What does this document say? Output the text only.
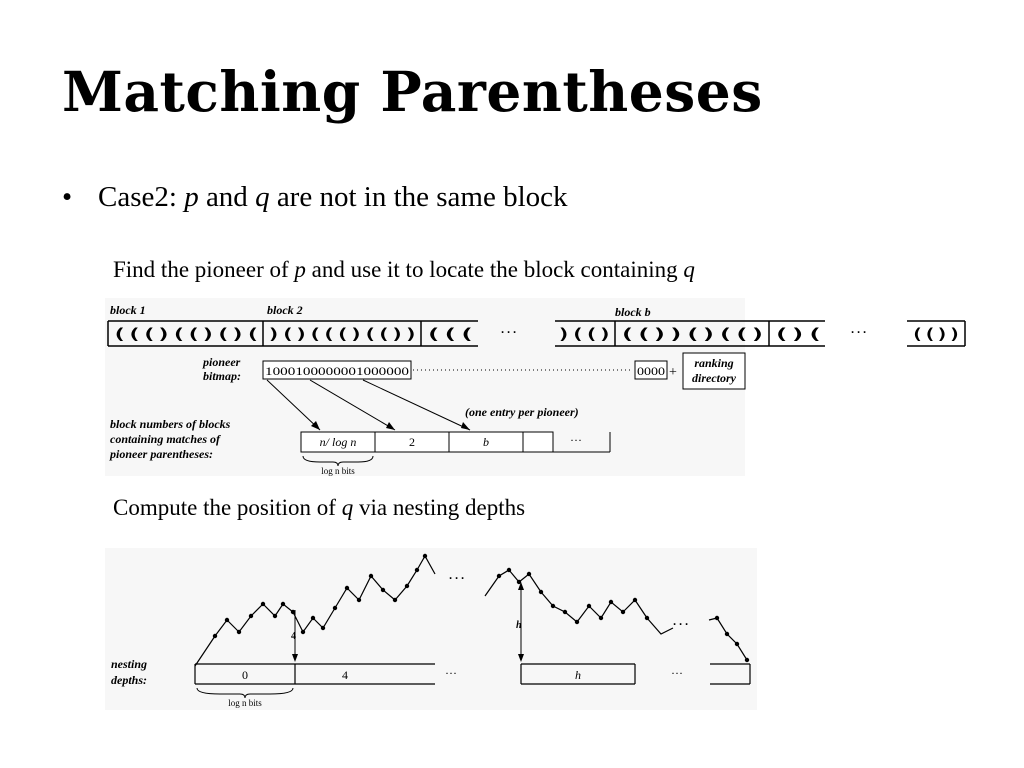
Matching Parentheses
• Case2: p and q are not in the same block
Find the pioneer of p and use it to locate the block containing q
Compute the position of q via nesting depths
block 1	block 2	block b
((()(()()( )()((()(()) ((( · · ·	)(() (())()(() ()( · · ·	(())
pioneer
bitmap: 1000100000001000000	0000 +
ranking
directory
(one entry per pioneer)
block numbers of blocks
containing matches of
pioneer parentheses:
n/ log n	2	b	···
log n bits
· · ·
· · ·
4
h
nesting
depths:	0	4	···	h	···
log n bits
